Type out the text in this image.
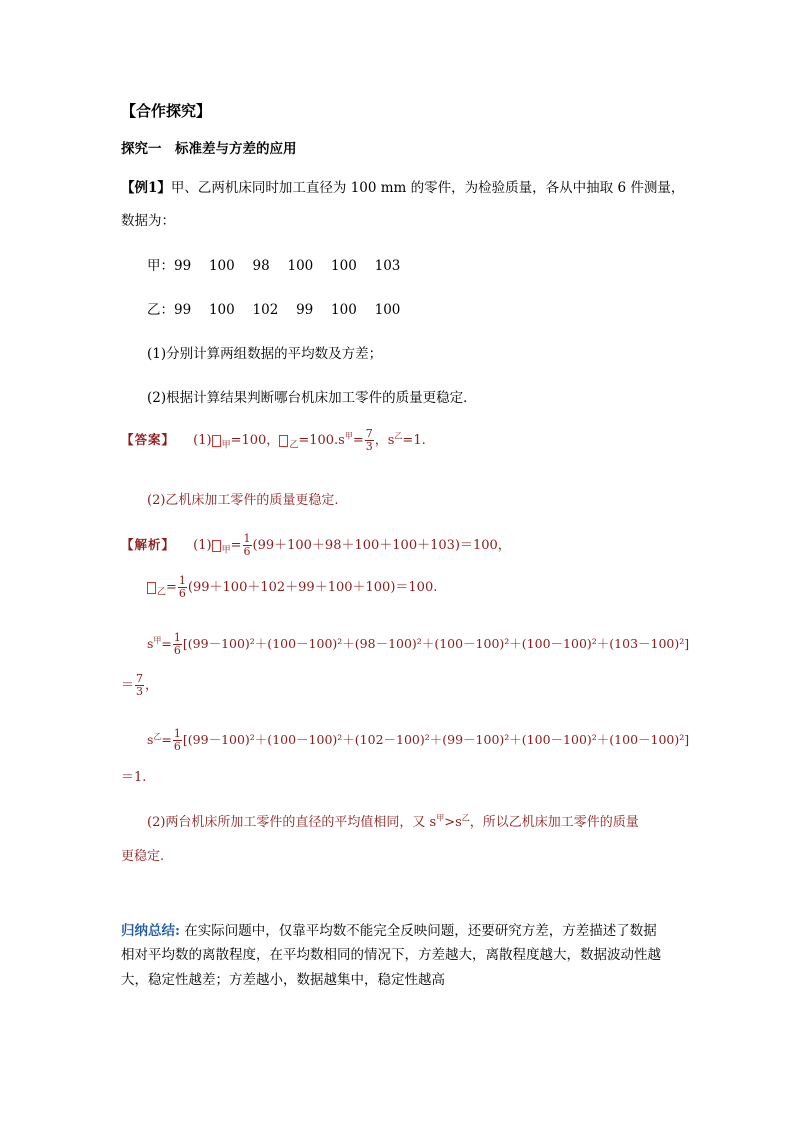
【合作探究】
探究一　标准差与方差的应用
【例1】甲、乙两机床同时加工直径为 100 mm 的零件，为检验质量，各从中抽取 6 件测量，
数据为：
甲：99　 100　 98　 100　 100　 103
乙：99　 100　 102　 99　 100　 100
(1)分别计算两组数据的平均数及方差；
(2)根据计算结果判断哪台机床加工零件的质量更稳定．
【答案】 (1) $_甲$=100， $_乙=100.s^甲= \frac{7}{3}$ ，$s^乙=1$.
(2)乙机床加工零件的质量更稳定.
【解析】 (1) $_甲= \frac{1}{6} (99+100+98+100+100+103)=100$，
$_乙= \frac{1}{6} (99+100+102+99+100+100)=100$.
$s^甲= \frac{1}{6} [(99-100)^2+(100-100)^2+(98-100)^2+(100-100)^2+(100-100)^2+(103-100)^2]$
＝ $\frac{7}{3}$ ，
$s^乙= \frac{1}{6} [(99-100)^2+(100-100)^2+(102-100)^2+(99-100)^2+(100-100)^2+(100-100)^2]$
＝1.
(2)两台机床所加工零件的直径的平均值相同，又 $s^甲>s^乙$，所以乙机床加工零件的质量
更稳定.
归纳总结: 在实际问题中，仅靠平均数不能完全反映问题，还要研究方差，方差描述了数据
相对平均数的离散程度，在平均数相同的情况下，方差越大，离散程度越大，数据波动性越
大，稳定性越差；方差越小，数据越集中，稳定性越高
